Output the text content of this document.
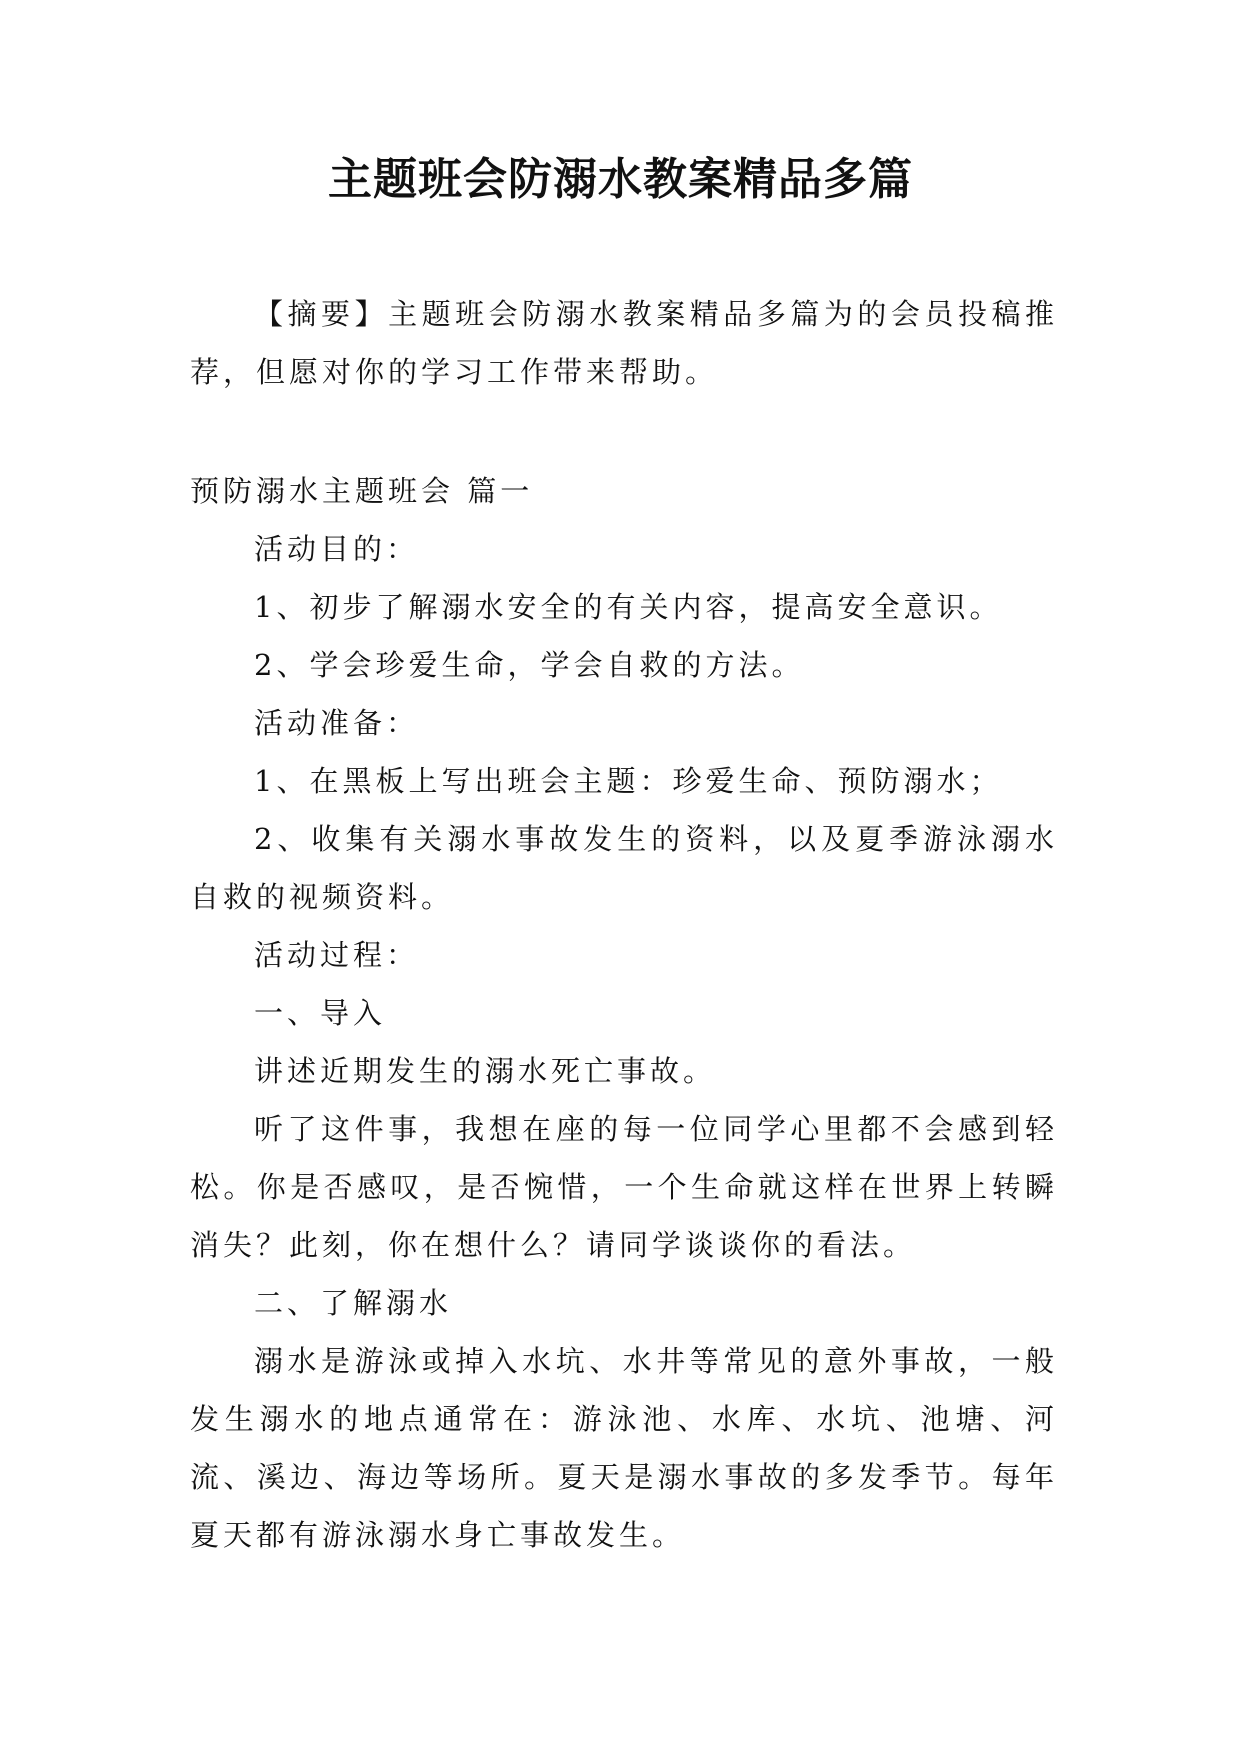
主题班会防溺水教案精品多篇

【摘要】主题班会防溺水教案精品多篇为的会员投稿推荐，但愿对你的学习工作带来帮助。

预防溺水主题班会 篇一
活动目的：
1、初步了解溺水安全的有关内容，提高安全意识。
2、学会珍爱生命，学会自救的方法。
活动准备：
1、在黑板上写出班会主题：珍爱生命、预防溺水；
2、收集有关溺水事故发生的资料，以及夏季游泳溺水自救的视频资料。
活动过程：
一、导入
讲述近期发生的溺水死亡事故。
听了这件事，我想在座的每一位同学心里都不会感到轻松。你是否感叹，是否惋惜，一个生命就这样在世界上转瞬消失？此刻，你在想什么？请同学谈谈你的看法。
二、了解溺水
溺水是游泳或掉入水坑、水井等常见的意外事故，一般发生溺水的地点通常在：游泳池、水库、水坑、池塘、河流、溪边、海边等场所。夏天是溺水事故的多发季节。每年夏天都有游泳溺水身亡事故发生。
